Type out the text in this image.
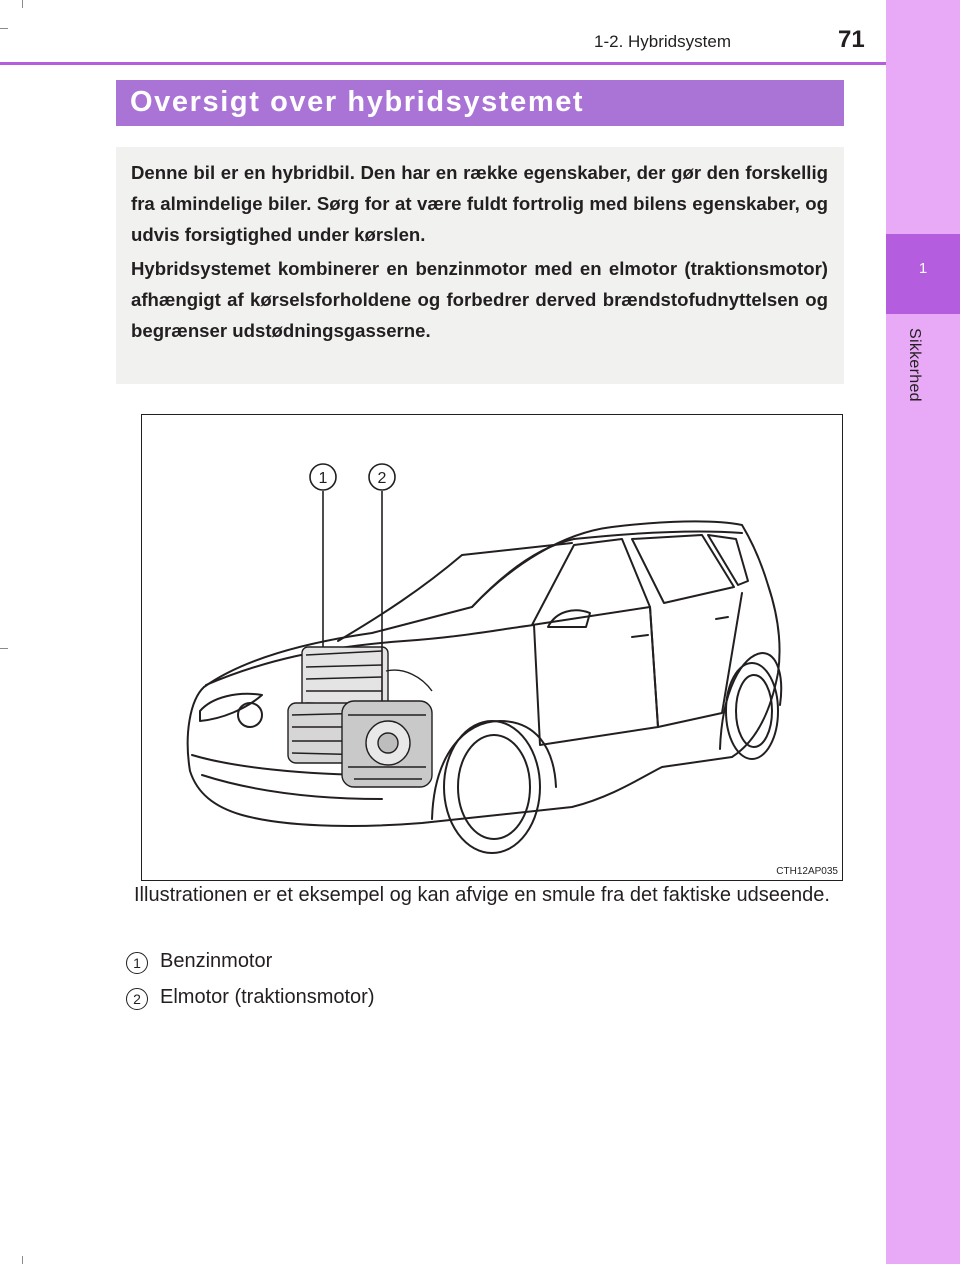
1-2. Hybridsystem	71
1
Sikkerhed
Oversigt over hybridsystemet

Denne bil er en hybridbil. Den har en række egenskaber, der gør den forskellig fra almindelige biler. Sørg for at være fuldt fortrolig med bilens egenskaber, og udvis forsigtighed under kørslen.

Hybridsystemet kombinerer en benzinmotor med en elmotor (traktionsmotor) afhængigt af kørselsforholdene og forbedrer derved brændstofudnyttelsen og begrænser udstødningsgasserne.

1	2
CTH12AP035

Illustrationen er et eksempel og kan afvige en smule fra det faktiske udseende.

1 Benzinmotor
2 Elmotor (traktionsmotor)
